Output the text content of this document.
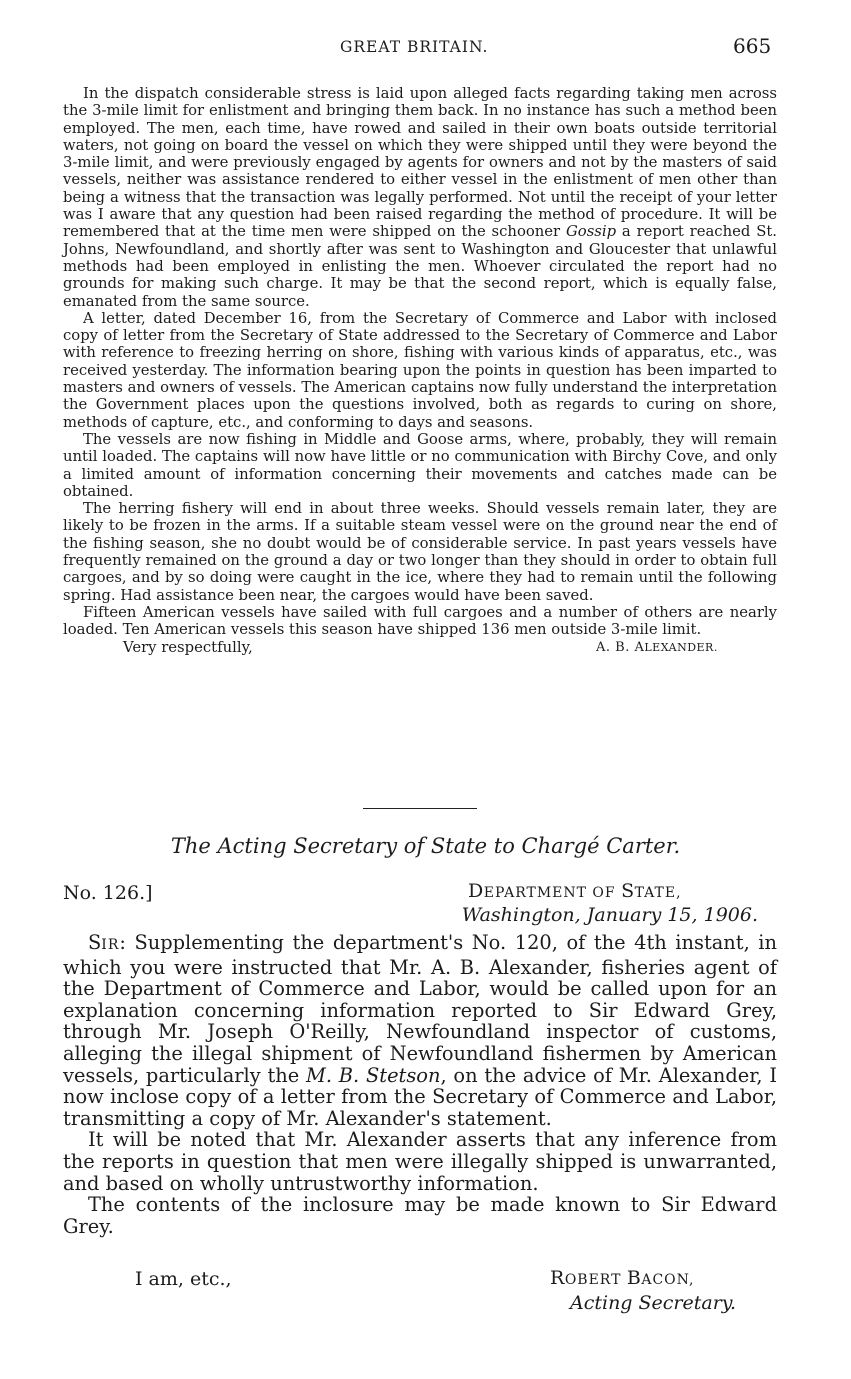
GREAT BRITAIN.	665

In the dispatch considerable stress is laid upon alleged facts regarding taking men across the 3-mile limit for enlistment and bringing them back. In no instance has such a method been employed. The men, each time, have rowed and sailed in their own boats outside territorial waters, not going on board the vessel on which they were shipped until they were beyond the 3-mile limit, and were previously engaged by agents for owners and not by the masters of said vessels, neither was assistance rendered to either vessel in the enlistment of men other than being a witness that the transaction was legally performed. Not until the receipt of your letter was I aware that any question had been raised regarding the method of procedure. It will be remembered that at the time men were shipped on the schooner Gossip a report reached St. Johns, Newfoundland, and shortly after was sent to Washington and Gloucester that unlawful methods had been employed in enlisting the men. Whoever circulated the report had no grounds for making such charge. It may be that the second report, which is equally false, emanated from the same source.

A letter, dated December 16, from the Secretary of Commerce and Labor with inclosed copy of letter from the Secretary of State addressed to the Secretary of Commerce and Labor with reference to freezing herring on shore, fishing with various kinds of apparatus, etc., was received yesterday. The information bearing upon the points in question has been imparted to masters and owners of vessels. The American captains now fully understand the interpretation the Government places upon the questions involved, both as regards to curing on shore, methods of capture, etc., and conforming to days and seasons.

The vessels are now fishing in Middle and Goose arms, where, probably, they will remain until loaded. The captains will now have little or no communication with Birchy Cove, and only a limited amount of information concerning their movements and catches made can be obtained.

The herring fishery will end in about three weeks. Should vessels remain later, they are likely to be frozen in the arms. If a suitable steam vessel were on the ground near the end of the fishing season, she no doubt would be of considerable service. In past years vessels have frequently remained on the ground a day or two longer than they should in order to obtain full cargoes, and by so doing were caught in the ice, where they had to remain until the following spring. Had assistance been near, the cargoes would have been saved.

Fifteen American vessels have sailed with full cargoes and a number of others are nearly loaded. Ten American vessels this season have shipped 136 men outside 3-mile limit.

Very respectfully,	A. B. ALEXANDER.
The Acting Secretary of State to Chargé Carter.
No. 126.]	DEPARTMENT OF STATE,
Washington, January 15, 1906.

SIR: Supplementing the department's No. 120, of the 4th instant, in which you were instructed that Mr. A. B. Alexander, fisheries agent of the Department of Commerce and Labor, would be called upon for an explanation concerning information reported to Sir Edward Grey, through Mr. Joseph O'Reilly, Newfoundland inspector of customs, alleging the illegal shipment of Newfoundland fishermen by American vessels, particularly the M. B. Stetson, on the advice of Mr. Alexander, I now inclose copy of a letter from the Secretary of Commerce and Labor, transmitting a copy of Mr. Alexander's statement.

It will be noted that Mr. Alexander asserts that any inference from the reports in question that men were illegally shipped is unwarranted, and based on wholly untrustworthy information.

The contents of the inclosure may be made known to Sir Edward Grey.

I am, etc.,	ROBERT BACON,
Acting Secretary.
